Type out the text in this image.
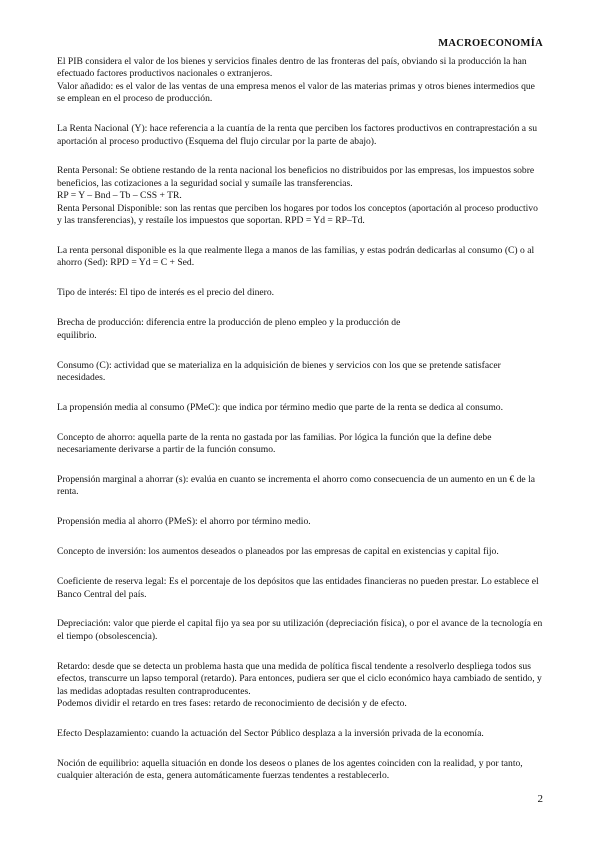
MACROECONOMÍA

El PIB considera el valor de los bienes y servicios finales dentro de las fronteras del país, obviando si la producción la han efectuado factores productivos nacionales o extranjeros.
Valor añadido: es el valor de las ventas de una empresa menos el valor de las materias primas y otros bienes intermedios que se emplean en el proceso de producción.

La Renta Nacional (Y): hace referencia a la cuantía de la renta que perciben los factores productivos en contraprestación a su aportación al proceso productivo (Esquema del flujo circular por la parte de abajo).

Renta Personal: Se obtiene restando de la renta nacional los beneficios no distribuidos por las empresas, los impuestos sobre beneficios, las cotizaciones a la seguridad social y sumaíle las transferencias.
RP = Y – Bnd – Tb – CSS + TR.
Renta Personal Disponible: son las rentas que perciben los hogares por todos los conceptos (aportación al proceso productivo y las transferencias), y restaíle los impuestos que soportan. RPD = Yd = RP–Td.

La renta personal disponible es la que realmente llega a manos de las familias, y estas podrán dedicarlas al consumo (C) o al ahorro (Sed): RPD = Yd = C + Sed.

Tipo de interés: El tipo de interés es el precio del dinero.

Brecha de producción: diferencia entre la producción de pleno empleo y la producción de
equilibrio.

Consumo (C): actividad que se materializa en la adquisición de bienes y servicios con los que se pretende satisfacer necesidades.

La propensión media al consumo (PMeC): que indica por término medio que parte de la renta se dedica al consumo.

Concepto de ahorro: aquella parte de la renta no gastada por las familias. Por lógica la función que la define debe necesariamente derivarse a partir de la función consumo.

Propensión marginal a ahorrar (s): evalúa en cuanto se incrementa el ahorro como consecuencia de un aumento en un € de la renta.

Propensión media al ahorro (PMeS): el ahorro por término medio.

Concepto de inversión: los aumentos deseados o planeados por las empresas de capital en existencias y capital fijo.

Coeficiente de reserva legal: Es el porcentaje de los depósitos que las entidades financieras no pueden prestar. Lo establece el Banco Central del país.

Depreciación: valor que pierde el capital fijo ya sea por su utilización (depreciación física), o por el avance de la tecnología en el tiempo (obsolescencia).

Retardo: desde que se detecta un problema hasta que una medida de política fiscal tendente a resolverlo despliega todos sus efectos, transcurre un lapso temporal (retardo). Para entonces, pudiera ser que el ciclo económico haya cambiado de sentido, y las medidas adoptadas resulten contraproducentes.
Podemos dividir el retardo en tres fases: retardo de reconocimiento de decisión y de efecto.

Efecto Desplazamiento: cuando la actuación del Sector Público desplaza a la inversión privada de la economía.

Noción de equilibrio: aquella situación en donde los deseos o planes de los agentes coinciden con la realidad, y por tanto, cualquier alteración de esta, genera automáticamente fuerzas tendentes a restablecerlo.

2
